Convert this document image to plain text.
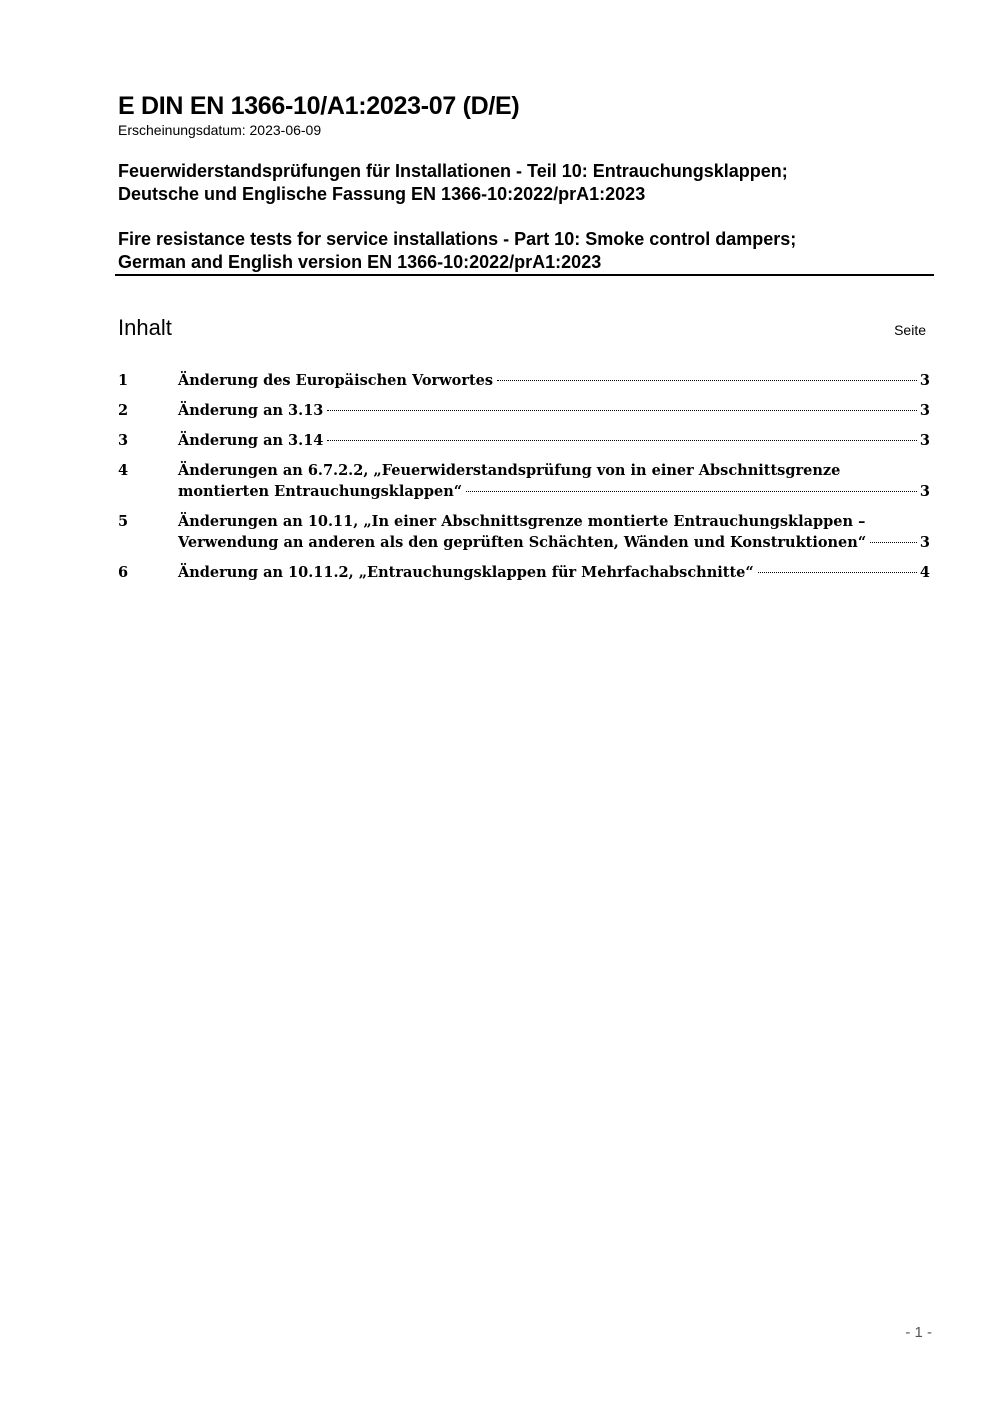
E DIN EN 1366-10/A1:2023-07 (D/E)
Erscheinungsdatum: 2023-06-09
Feuerwiderstandsprüfungen für Installationen - Teil 10: Entrauchungsklappen;
Deutsche und Englische Fassung EN 1366-10:2022/prA1:2023
Fire resistance tests for service installations - Part 10: Smoke control dampers;
German and English version EN 1366-10:2022/prA1:2023
Inhalt	Seite
1	Änderung des Europäischen Vorwortes	3
2	Änderung an 3.13	3
3	Änderung an 3.14	3
4	Änderungen an 6.7.2.2, „Feuerwiderstandsprüfung von in einer Abschnittsgrenze
montierten Entrauchungsklappen“	3
5	Änderungen an 10.11, „In einer Abschnittsgrenze montierte Entrauchungsklappen –
Verwendung an anderen als den geprüften Schächten, Wänden und Konstruktionen“	3
6	Änderung an 10.11.2, „Entrauchungsklappen für Mehrfachabschnitte“	4
- 1 -
